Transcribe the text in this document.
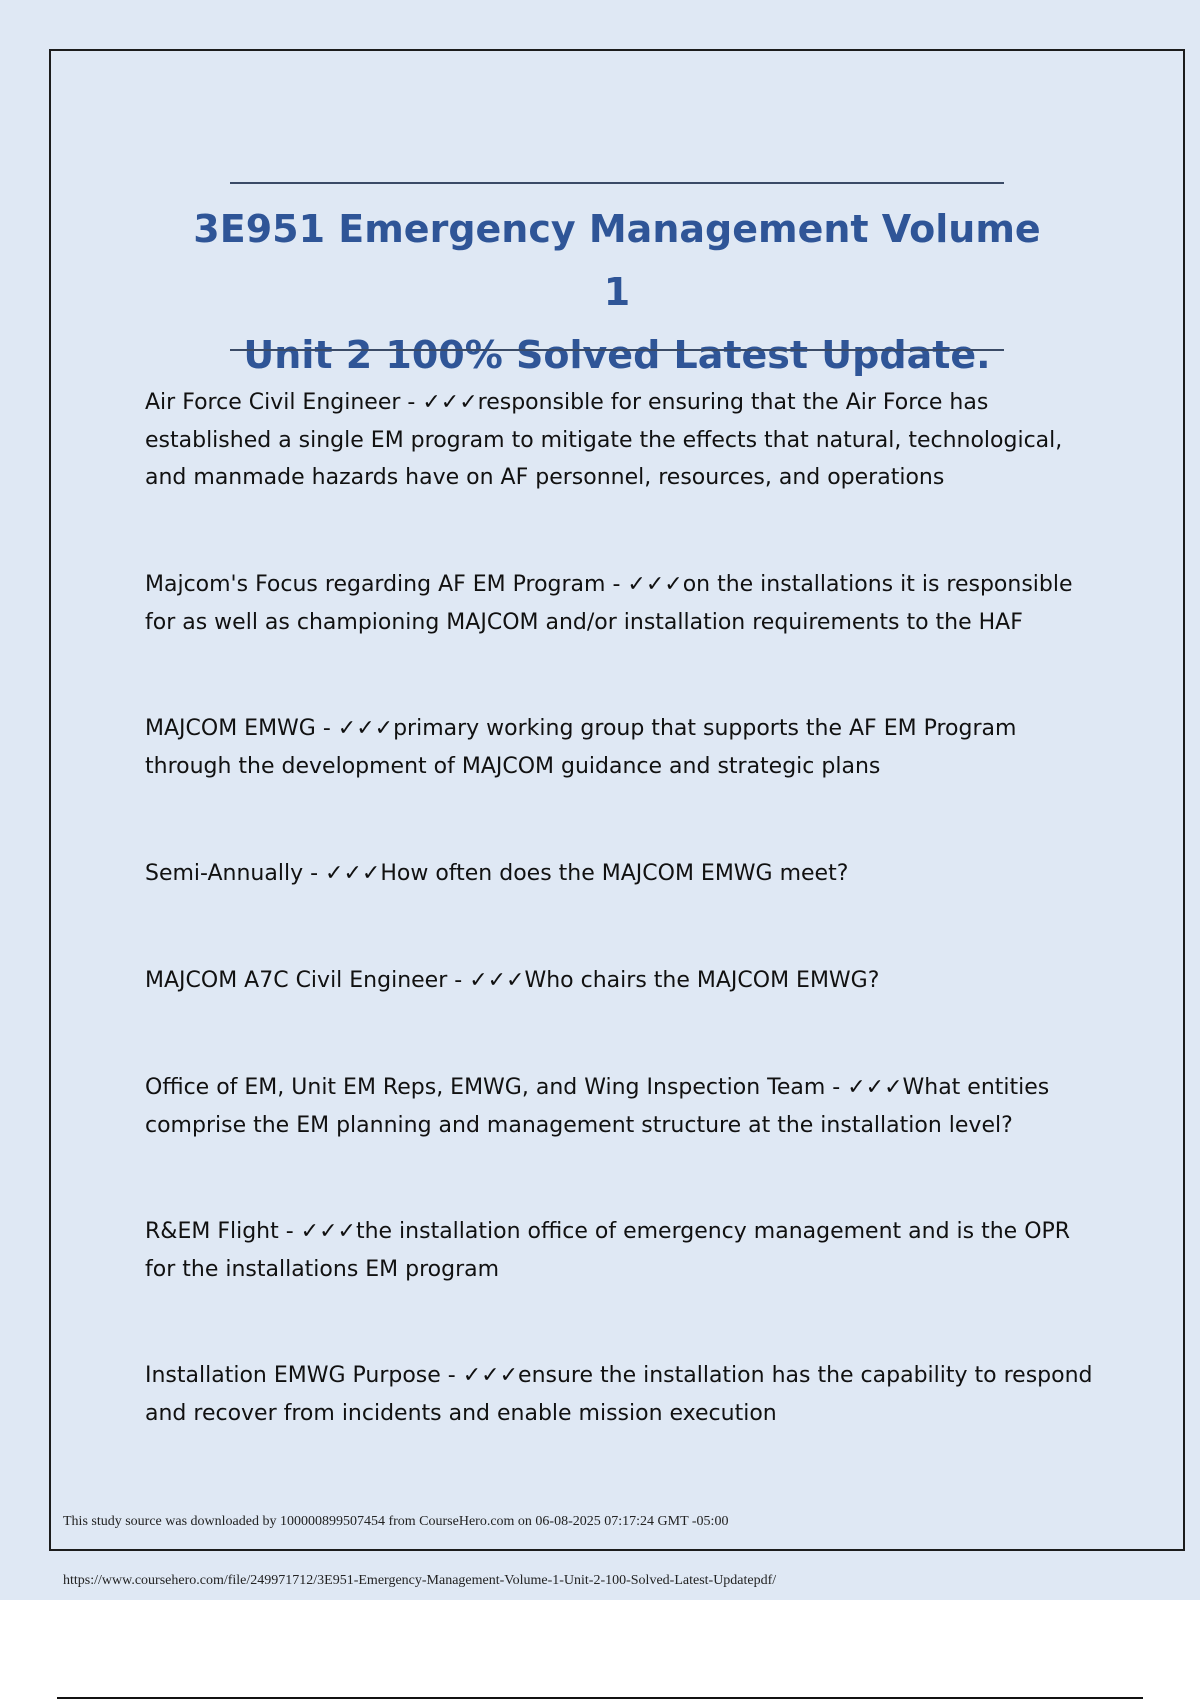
3E951 Emergency Management Volume 1
Unit 2 100% Solved Latest Update.

Air Force Civil Engineer - ✓✓✓responsible for ensuring that the Air Force has established a single EM program to mitigate the effects that natural, technological, and manmade hazards have on AF personnel, resources, and operations

Majcom's Focus regarding AF EM Program - ✓✓✓on the installations it is responsible for as well as championing MAJCOM and/or installation requirements to the HAF

MAJCOM EMWG - ✓✓✓primary working group that supports the AF EM Program through the development of MAJCOM guidance and strategic plans

Semi-Annually - ✓✓✓How often does the MAJCOM EMWG meet?

MAJCOM A7C Civil Engineer - ✓✓✓Who chairs the MAJCOM EMWG?

Office of EM, Unit EM Reps, EMWG, and Wing Inspection Team - ✓✓✓What entities comprise the EM planning and management structure at the installation level?

R&EM Flight - ✓✓✓the installation office of emergency management and is the OPR for the installations EM program

Installation EMWG Purpose - ✓✓✓ensure the installation has the capability to respond and recover from incidents and enable mission execution

This study source was downloaded by 100000899507454 from CourseHero.com on 06-08-2025 07:17:24 GMT -05:00
https://www.coursehero.com/file/249971712/3E951-Emergency-Management-Volume-1-Unit-2-100-Solved-Latest-Updatepdf/
